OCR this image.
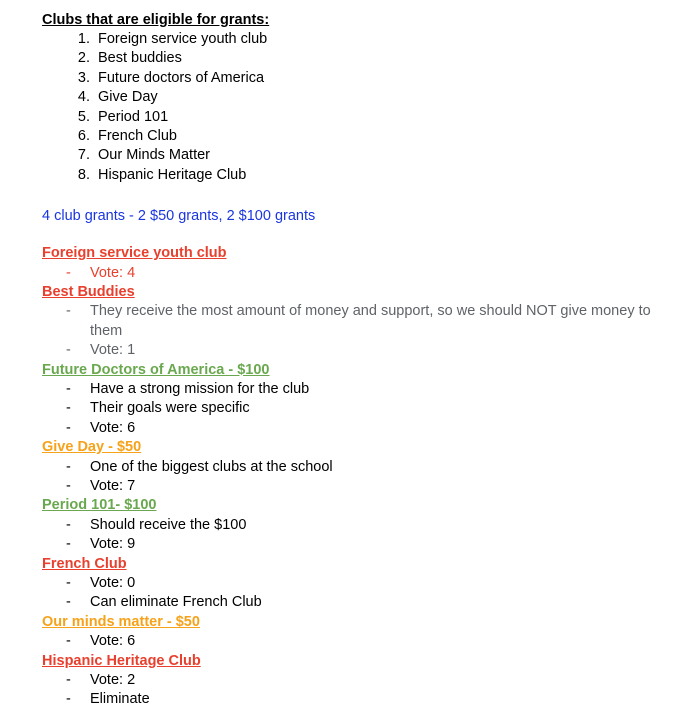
Clubs that are eligible for grants:
1. Foreign service youth club
2. Best buddies
3. Future doctors of America
4. Give Day
5. Period 101
6. French Club
7. Our Minds Matter
8. Hispanic Heritage Club
4 club grants - 2 $50 grants, 2 $100 grants
Foreign service youth club
-	Vote: 4
Best Buddies
-	They receive the most amount of money and support, so we should NOT give money to them
-	Vote: 1
Future Doctors of America - $100
-	Have a strong mission for the club
-	Their goals were specific
-	Vote: 6
Give Day - $50
-	One of the biggest clubs at the school
-	Vote: 7
Period 101- $100
-	Should receive the $100
-	Vote: 9
French Club
-	Vote: 0
-	Can eliminate French Club
Our minds matter - $50
-	Vote: 6
Hispanic Heritage Club
-	Vote: 2
-	Eliminate
